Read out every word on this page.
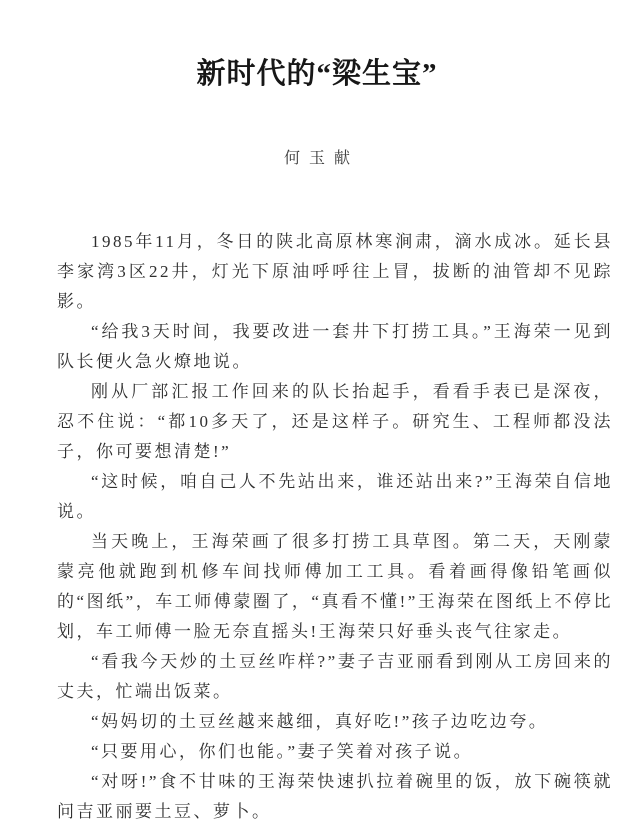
新时代的“梁生宝”
何玉献

1985年11月，冬日的陕北高原林寒涧肃，滴水成冰。延长县李家湾3区22井，灯光下原油呼呼往上冒，拔断的油管却不见踪影。

“给我3天时间，我要改进一套井下打捞工具。”王海荣一见到队长便火急火燎地说。

刚从厂部汇报工作回来的队长抬起手，看看手表已是深夜，忍不住说：“都10多天了，还是这样子。研究生、工程师都没法子，你可要想清楚!”

“这时候，咱自己人不先站出来，谁还站出来?”王海荣自信地说。

当天晚上，王海荣画了很多打捞工具草图。第二天，天刚蒙蒙亮他就跑到机修车间找师傅加工工具。看着画得像铅笔画似的“图纸”，车工师傅蒙圈了，“真看不懂!”王海荣在图纸上不停比划，车工师傅一脸无奈直摇头!王海荣只好垂头丧气往家走。

“看我今天炒的土豆丝咋样?”妻子吉亚丽看到刚从工房回来的丈夫，忙端出饭菜。

“妈妈切的土豆丝越来越细，真好吃!”孩子边吃边夸。

“只要用心，你们也能。”妻子笑着对孩子说。

“对呀!”食不甘味的王海荣快速扒拉着碗里的饭，放下碗筷就问吉亚丽要土豆、萝卜。
